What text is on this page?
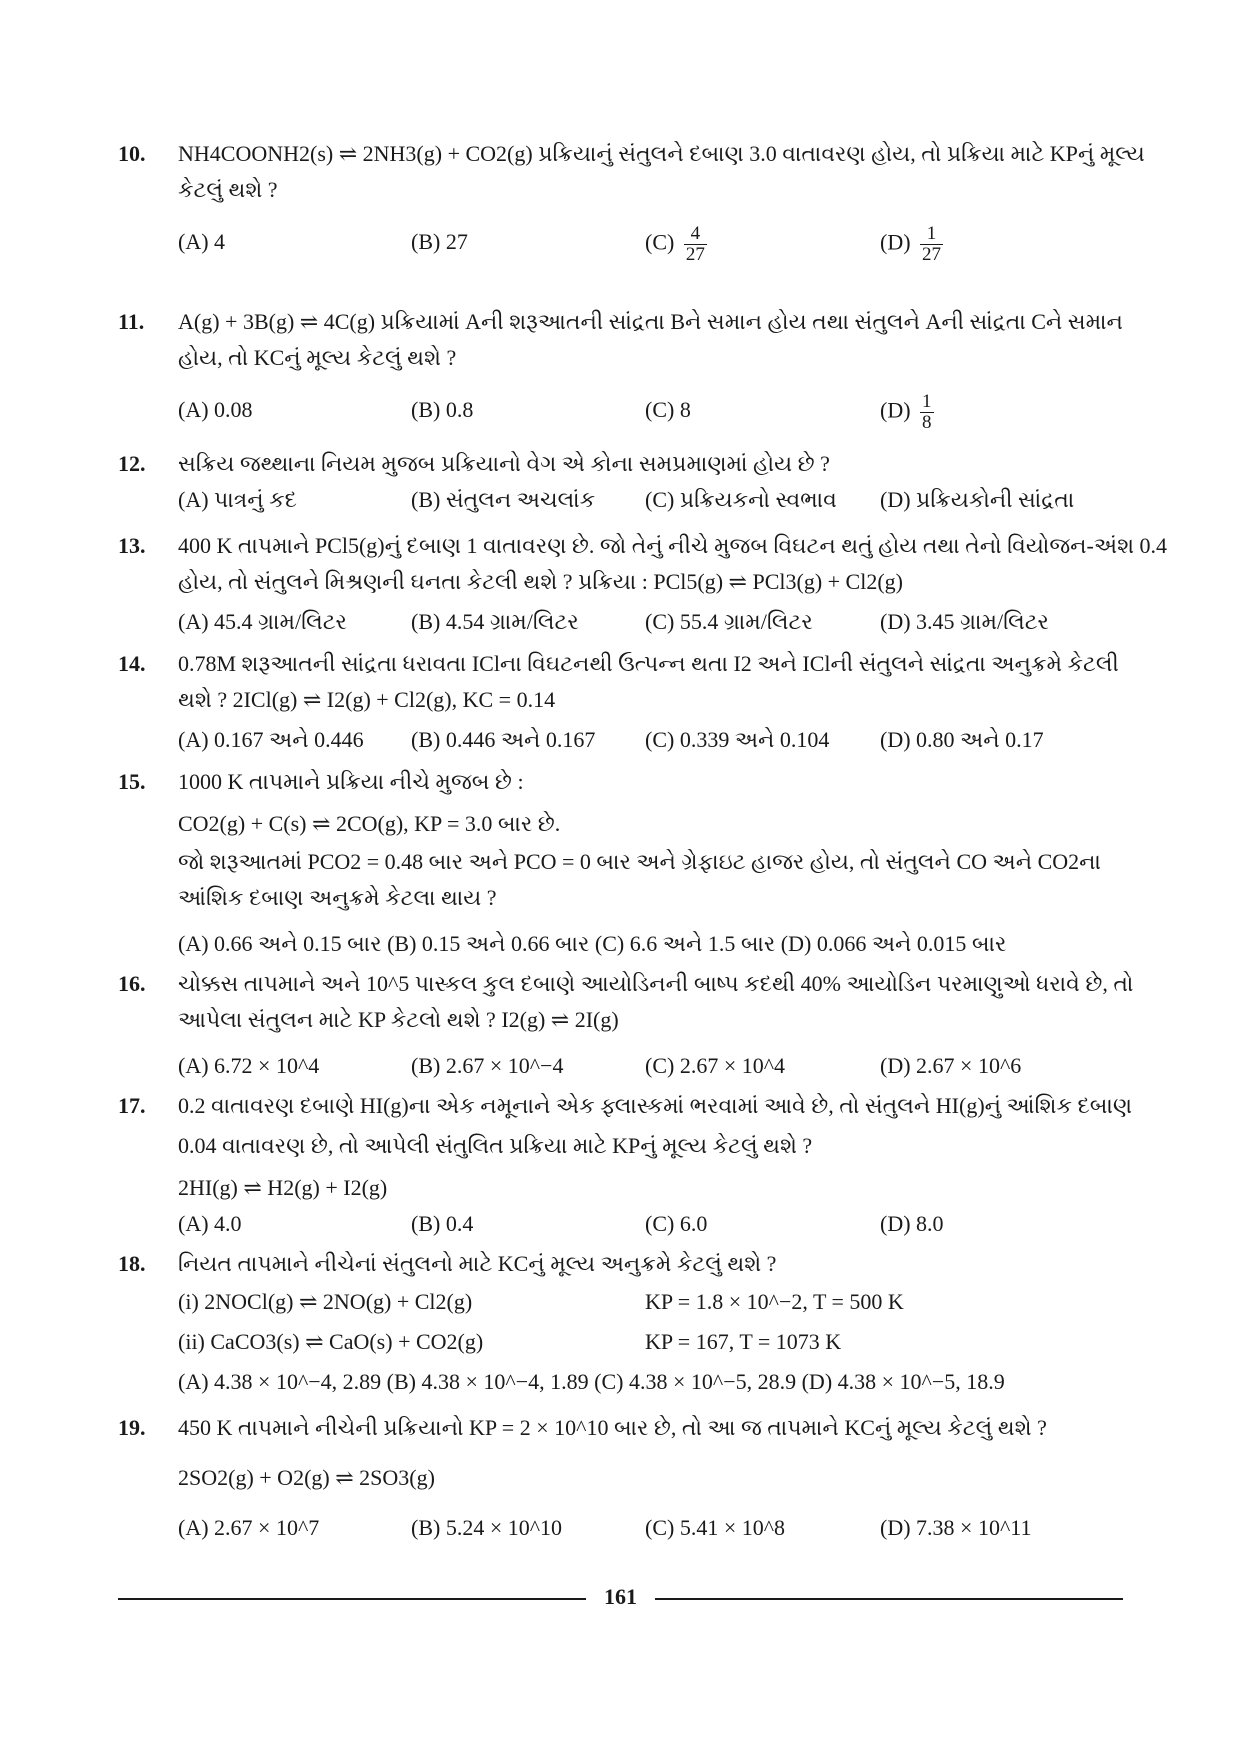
10.	NH4COONH2(s) ⇌ 2NH3(g) + CO2(g) પ્રક્રિયાનું સંતુલને દબાણ 3.0 વાતાવરણ હોય, તો પ્રક્રિયા માટે KPનું મૂલ્ય
કેટલું થશે ?
(A) 4	(B) 27	$(C) \frac{4}{27}$	$(D) \frac{1}{27}$
11.	A(g) + 3B(g) ⇌ 4C(g) પ્રક્રિયામાં Aની શરૂઆતની સાંદ્રતા Bને સમાન હોય તથા સંતુલને Aની સાંદ્રતા Cને સમાન
હોય, તો KCનું મૂલ્ય કેટલું થશે ?
(A) 0.08	(B) 0.8	(C) 8	$(D) \frac{1}{8}$
12.	સક્રિય જથ્થાના નિયમ મુજબ પ્રક્રિયાનો વેગ એ કોના સમપ્રમાણમાં હોય છે ?
(A) પાત્રનું કદ	(B) સંતુલન અચલાંક (C) પ્રક્રિયકનો સ્વભાવ (D) પ્રક્રિયકોની સાંદ્રતા
13.	400 K તાપમાને PCl5(g)નું દબાણ 1 વાતાવરણ છે. જો તેનું નીચે મુજબ વિઘટન થતું હોય તથા તેનો વિયોજન-અંશ 0.4
હોય, તો સંતુલને મિશ્રણની ઘનતા કેટલી થશે ? પ્રક્રિયા : PCl5(g) ⇌ PCl3(g) + Cl2(g)
(A) 45.4 ગ્રામ/લિટર	(B) 4.54 ગ્રામ/લિટર	(C) 55.4 ગ્રામ/લિટર	(D) 3.45 ગ્રામ/લિટર
14.	0.78M શરૂઆતની સાંદ્રતા ધરાવતા IClના વિઘટનથી ઉત્પન્ન થતા I2 અને IClની સંતુલને સાંદ્રતા અનુક્રમે કેટલી
થશે ? 2ICl(g) ⇌ I2(g) + Cl2(g), KC = 0.14
(A) 0.167 અને 0.446 (B) 0.446 અને 0.167 (C) 0.339 અને 0.104 (D) 0.80 અને 0.17
15.	1000 K તાપમાને પ્રક્રિયા નીચે મુજબ છે :
CO2(g) + C(s) ⇌ 2CO(g), KP = 3.0 બાર છે.
જો શરૂઆતમાં PCO2 = 0.48 બાર અને PCO = 0 બાર અને ગ્રેફાઇટ હાજર હોય, તો સંતુલને CO અને CO2ના
આંશિક દબાણ અનુક્રમે કેટલા થાય ?
(A) 0.66 અને 0.15 બાર (B) 0.15 અને 0.66 બાર (C) 6.6 અને 1.5 બાર (D) 0.066 અને 0.015 બાર
16.	ચોક્કસ તાપમાને અને 10^5 પાસ્કલ કુલ દબાણે આયોડિનની બાષ્પ કદથી 40% આયોડિન પરમાણુઓ ધરાવે છે, તો
આપેલા સંતુલન માટે KP કેટલો થશે ? I2(g) ⇌ 2I(g)
(A) 6.72 × 10^4	(B) 2.67 × 10^−4	(C) 2.67 × 10^4	(D) 2.67 × 10^6
17.	0.2 વાતાવરણ દબાણે HI(g)ના એક નમૂનાને એક ફ્લાસ્કમાં ભરવામાં આવે છે, તો સંતુલને HI(g)નું આંશિક દબાણ
0.04 વાતાવરણ છે, તો આપેલી સંતુલિત પ્રક્રિયા માટે KPનું મૂલ્ય કેટલું થશે ?
2HI(g) ⇌ H2(g) + I2(g)
(A) 4.0	(B) 0.4	(C) 6.0	(D) 8.0
18.	નિયત તાપમાને નીચેનાં સંતુલનો માટે KCનું મૂલ્ય અનુક્રમે કેટલું થશે ?
(i) 2NOCl(g) ⇌ 2NO(g) + Cl2(g)	KP = 1.8 × 10^−2, T = 500 K
(ii) CaCO3(s) ⇌ CaO(s) + CO2(g)	KP = 167, T = 1073 K
(A) 4.38 × 10^−4, 2.89 (B) 4.38 × 10^−4, 1.89 (C) 4.38 × 10^−5, 28.9 (D) 4.38 × 10^−5, 18.9
19.	450 K તાપમાને નીચેની પ્રક્રિયાનો KP = 2 × 10^10 બાર છે, તો આ જ તાપમાને KCનું મૂલ્ય કેટલું થશે ?
2SO2(g) + O2(g) ⇌ 2SO3(g)
(A) 2.67 × 10^7	(B) 5.24 × 10^10	(C) 5.41 × 10^8	(D) 7.38 × 10^11
161
